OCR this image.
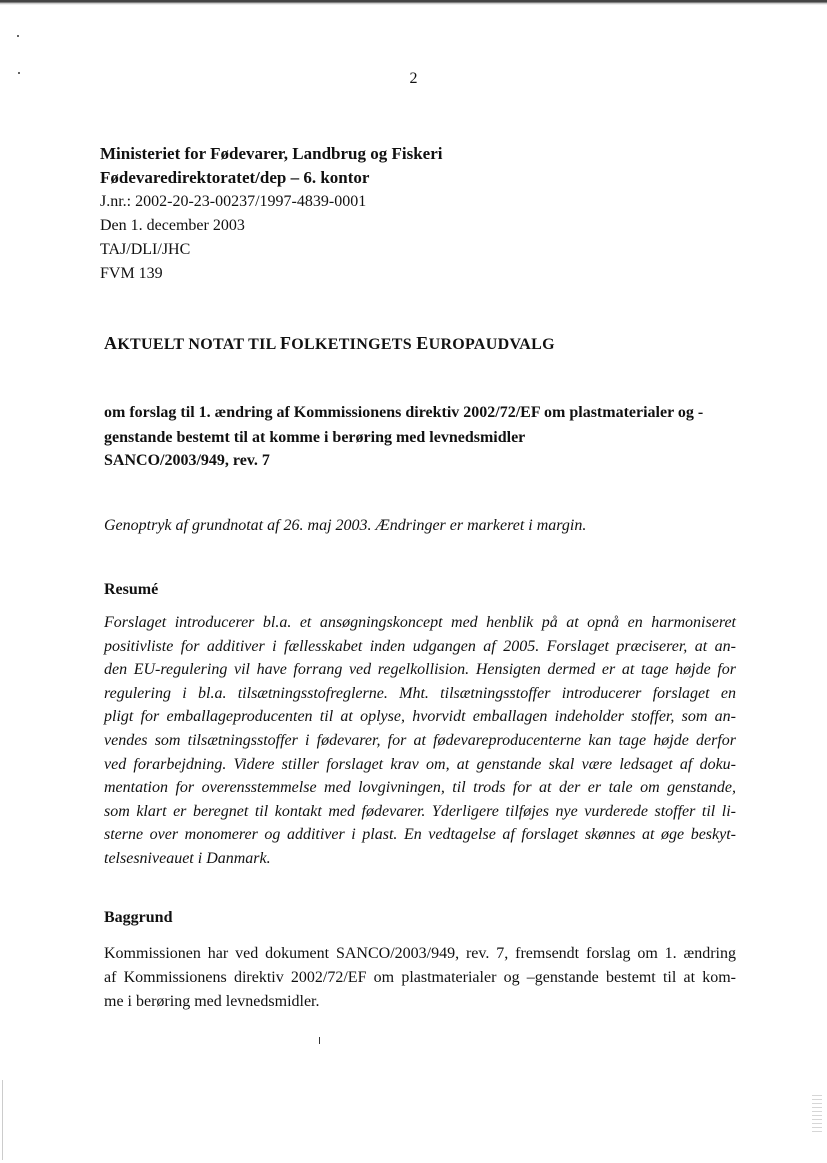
2
Ministeriet for Fødevarer, Landbrug og Fiskeri
Fødevaredirektoratet/dep – 6. kontor
J.nr.: 2002-20-23-00237/1997-4839-0001
Den 1. december 2003
TAJ/DLI/JHC
FVM 139
AKTUELT NOTAT TIL FOLKETINGETS EUROPAUDVALG
om forslag til 1. ændring af Kommissionens direktiv 2002/72/EF om plastmaterialer og -
genstande bestemt til at komme i berøring med levnedsmidler
SANCO/2003/949, rev. 7
Genoptryk af grundnotat af 26. maj 2003. Ændringer er markeret i margin.
Resumé
Forslaget introducerer bl.a. et ansøgningskoncept med henblik på at opnå en harmoniseret
positivliste for additiver i fællesskabet inden udgangen af 2005. Forslaget præciserer, at an-
den EU-regulering vil have forrang ved regelkollision. Hensigten dermed er at tage højde for
regulering i bl.a. tilsætningsstofreglerne. Mht. tilsætningsstoffer introducerer forslaget en
pligt for emballageproducenten til at oplyse, hvorvidt emballagen indeholder stoffer, som an-
vendes som tilsætningsstoffer i fødevarer, for at fødevareproducenterne kan tage højde derfor
ved forarbejdning. Videre stiller forslaget krav om, at genstande skal være ledsaget af doku-
mentation for overensstemmelse med lovgivningen, til trods for at der er tale om genstande,
som klart er beregnet til kontakt med fødevarer. Yderligere tilføjes nye vurderede stoffer til li-
sterne over monomerer og additiver i plast. En vedtagelse af forslaget skønnes at øge beskyt-
telsesniveauet i Danmark.
Baggrund
Kommissionen har ved dokument SANCO/2003/949, rev. 7, fremsendt forslag om 1. ændring
af Kommissionens direktiv 2002/72/EF om plastmaterialer og –genstande bestemt til at kom-
me i berøring med levnedsmidler.
